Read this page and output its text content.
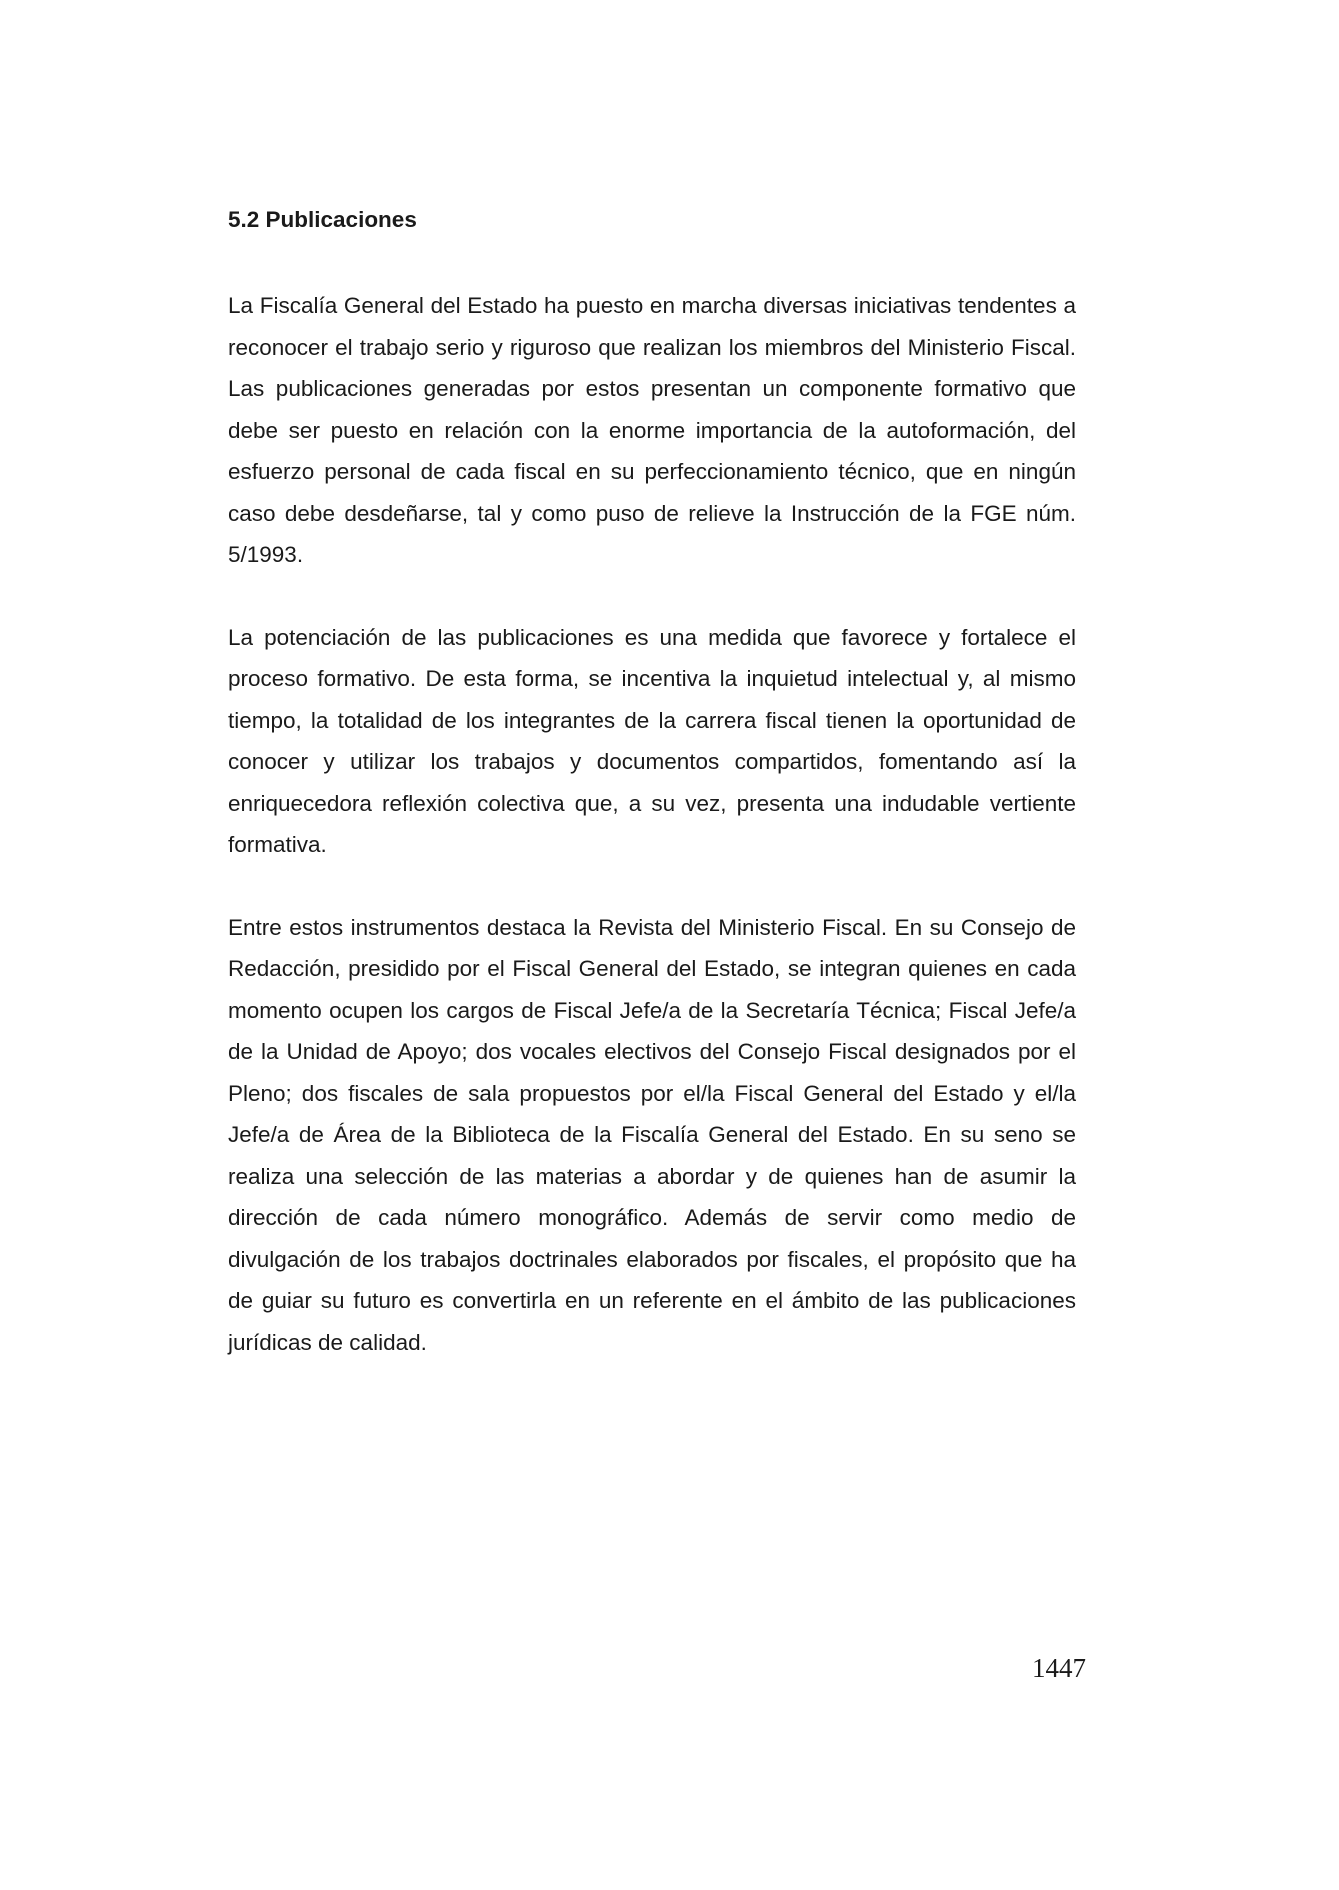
5.2 Publicaciones

La Fiscalía General del Estado ha puesto en marcha diversas iniciativas tendentes a reconocer el trabajo serio y riguroso que realizan los miembros del Ministerio Fiscal. Las publicaciones generadas por estos presentan un componente formativo que debe ser puesto en relación con la enorme importancia de la autoformación, del esfuerzo personal de cada fiscal en su perfeccionamiento técnico, que en ningún caso debe desdeñarse, tal y como puso de relieve la Instrucción de la FGE núm. 5/1993.

La potenciación de las publicaciones es una medida que favorece y fortalece el proceso formativo. De esta forma, se incentiva la inquietud intelectual y, al mismo tiempo, la totalidad de los integrantes de la carrera fiscal tienen la oportunidad de conocer y utilizar los trabajos y documentos compartidos, fomentando así la enriquecedora reflexión colectiva que, a su vez, presenta una indudable vertiente formativa.

Entre estos instrumentos destaca la Revista del Ministerio Fiscal. En su Consejo de Redacción, presidido por el Fiscal General del Estado, se integran quienes en cada momento ocupen los cargos de Fiscal Jefe/a de la Secretaría Técnica; Fiscal Jefe/a de la Unidad de Apoyo; dos vocales electivos del Consejo Fiscal designados por el Pleno; dos fiscales de sala propuestos por el/la Fiscal General del Estado y el/la Jefe/a de Área de la Biblioteca de la Fiscalía General del Estado. En su seno se realiza una selección de las materias a abordar y de quienes han de asumir la dirección de cada número monográfico. Además de servir como medio de divulgación de los trabajos doctrinales elaborados por fiscales, el propósito que ha de guiar su futuro es convertirla en un referente en el ámbito de las publicaciones jurídicas de calidad.

1447
